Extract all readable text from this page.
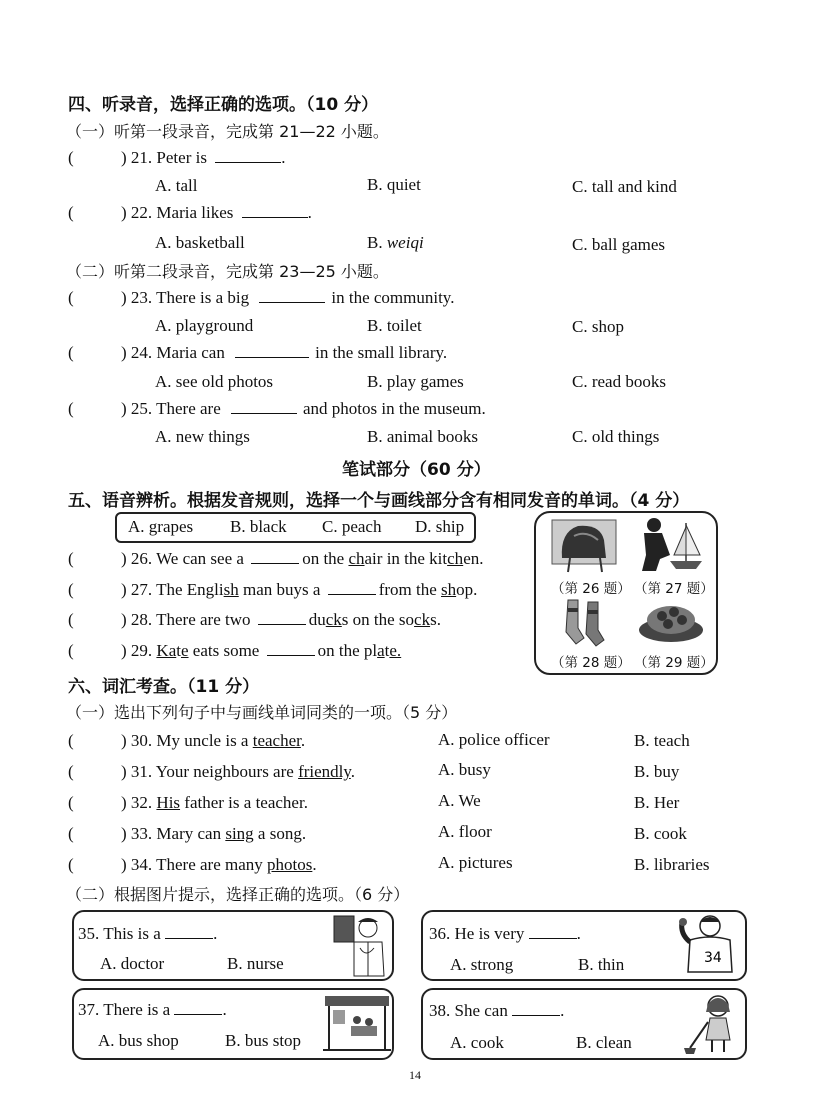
四、听录音，选择正确的选项。（10 分）
（一）听第一段录音，完成第 21—22 小题。
(	) 21. Peter is	.
A. tall	B. quiet	C. tall and kind
(	) 22. Maria likes	.
A. basketball	B. weiqi	C. ball games
（二）听第二段录音，完成第 23—25 小题。
(	) 23. There is a big	in the community.
A. playground	B. toilet	C. shop
(	) 24. Maria can	in the small library.
A. see old photos	B. play games	C. read books
(	) 25. There are	and photos in the museum.
A. new things	B. animal books	C. old things
笔试部分（60 分）
五、语音辨析。根据发音规则，选择一个与画线部分含有相同发音的单词。（4 分）
A. grapes B. black C. peach D. ship
(	) 26. We can see a	on the chair in the kitchen.
(	) 27. The English man buys a	from the shop.
(	) 28. There are two	ducks on the socks.
(	) 29. Kate eats some	on the plate.
（第 26 题） （第 27 题）
（第 28 题） （第 29 题）
六、词汇考查。（11 分）
（一）选出下列句子中与画线单词同类的一项。（5 分）
(	) 30. My uncle is a teacher.	A. police officer	B. teach
(	) 31. Your neighbours are friendly.	A. busy	B. buy
(	) 32. His father is a teacher.	A. We	B. Her
(	) 33. Mary can sing a song.	A. floor	B. cook
(	) 34. There are many photos.	A. pictures	B. libraries
（二）根据图片提示，选择正确的选项。（6 分）
35. This is a	.
A. doctor	B. nurse
36. He is very	.
A. strong	B. thin	34
37. There is a	.
A. bus shop	B. bus stop
38. She can	.
A. cook	B. clean
14
